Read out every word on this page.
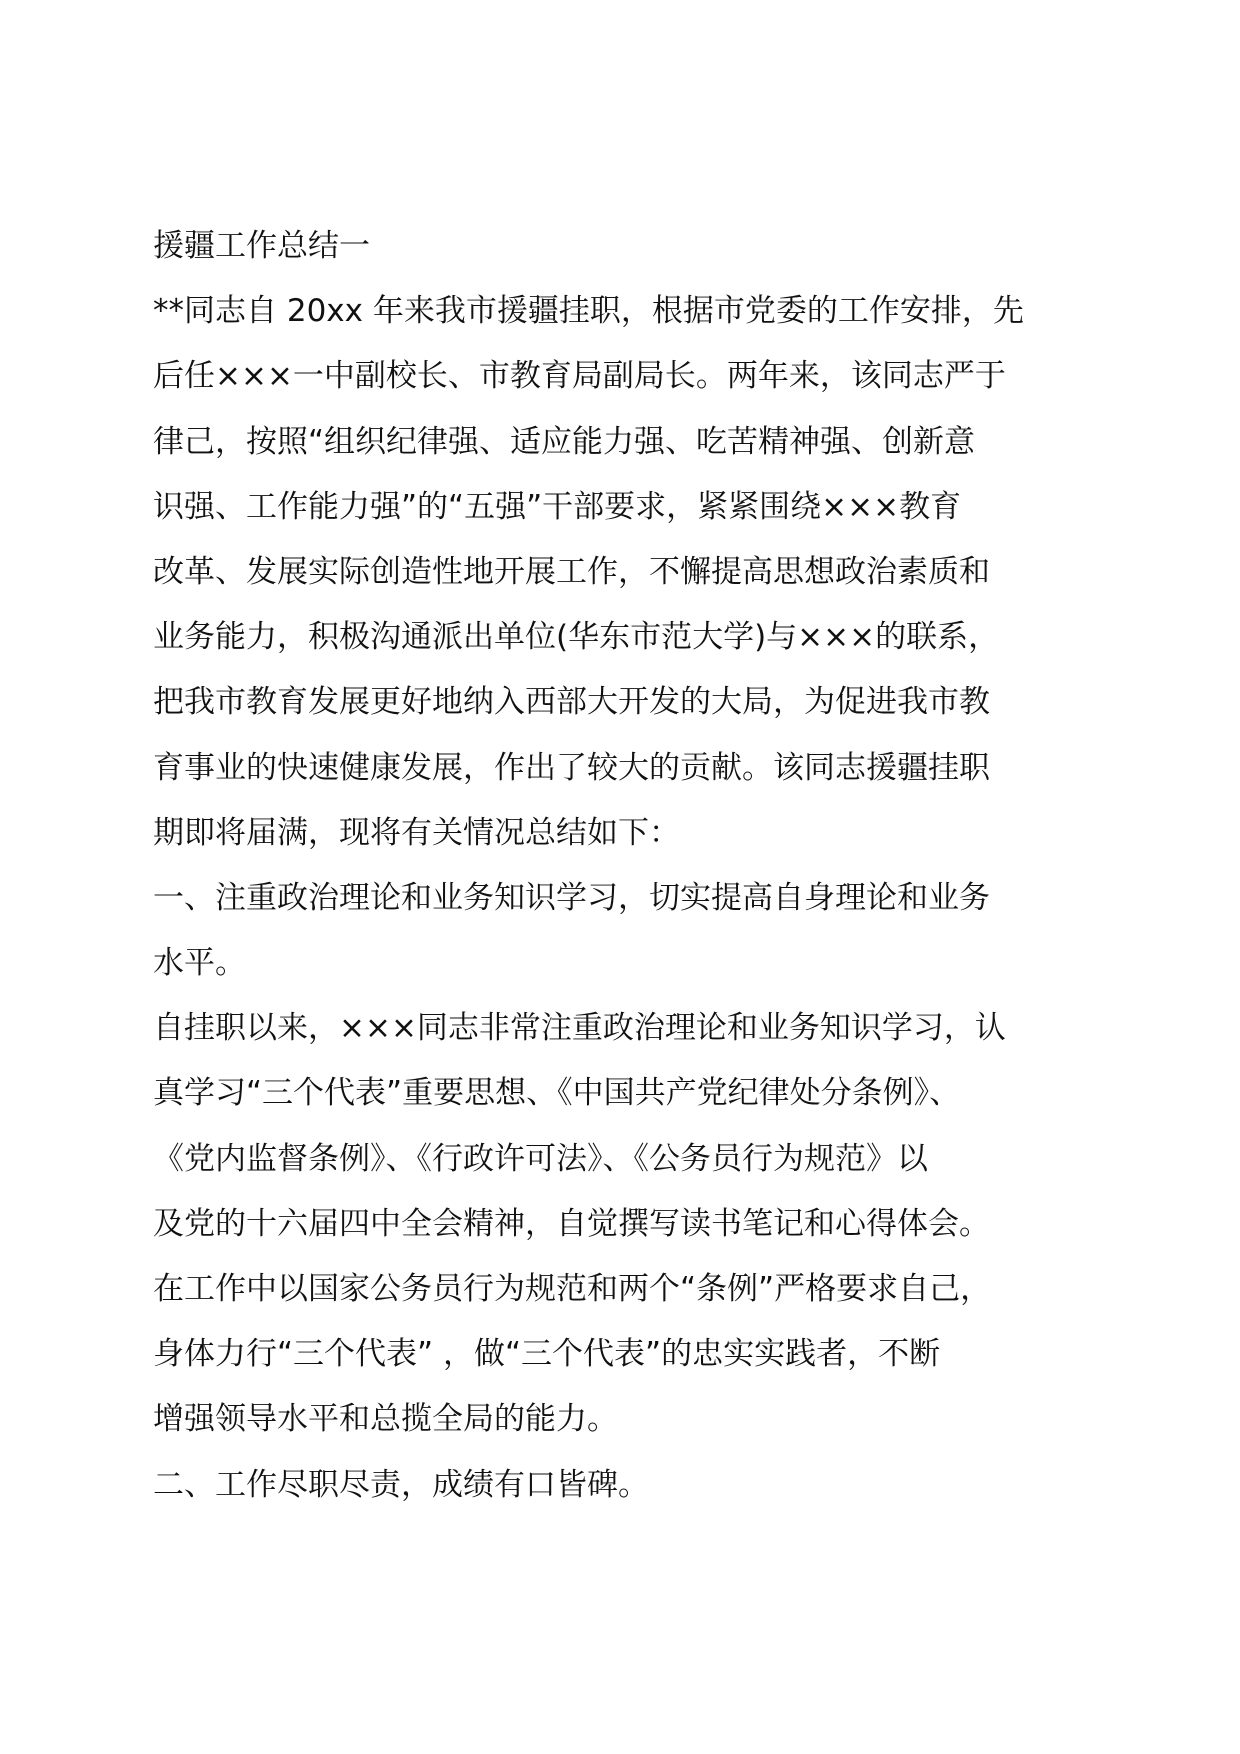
援疆工作总结一
**同志自 20xx 年来我市援疆挂职，根据市党委的工作安排，先
后任×××一中副校长、市教育局副局长。两年来，该同志严于
律己，按照“组织纪律强、适应能力强、吃苦精神强、创新意
识强、工作能力强”的“五强”干部要求，紧紧围绕×××教育
改革、发展实际创造性地开展工作，不懈提高思想政治素质和
业务能力，积极沟通派出单位(华东市范大学)与×××的联系，
把我市教育发展更好地纳入西部大开发的大局，为促进我市教
育事业的快速健康发展，作出了较大的贡献。该同志援疆挂职
期即将届满，现将有关情况总结如下：
一、注重政治理论和业务知识学习，切实提高自身理论和业务
水平。
自挂职以来，×××同志非常注重政治理论和业务知识学习，认
真学习“三个代表”重要思想、《中国共产党纪律处分条例》、
《党内监督条例》、《行政许可法》、《公务员行为规范》以
及党的十六届四中全会精神，自觉撰写读书笔记和心得体会。
在工作中以国家公务员行为规范和两个“条例”严格要求自己，
身体力行“三个代表” ，做“三个代表”的忠实实践者，不断
增强领导水平和总揽全局的能力。
二、工作尽职尽责，成绩有口皆碑。
